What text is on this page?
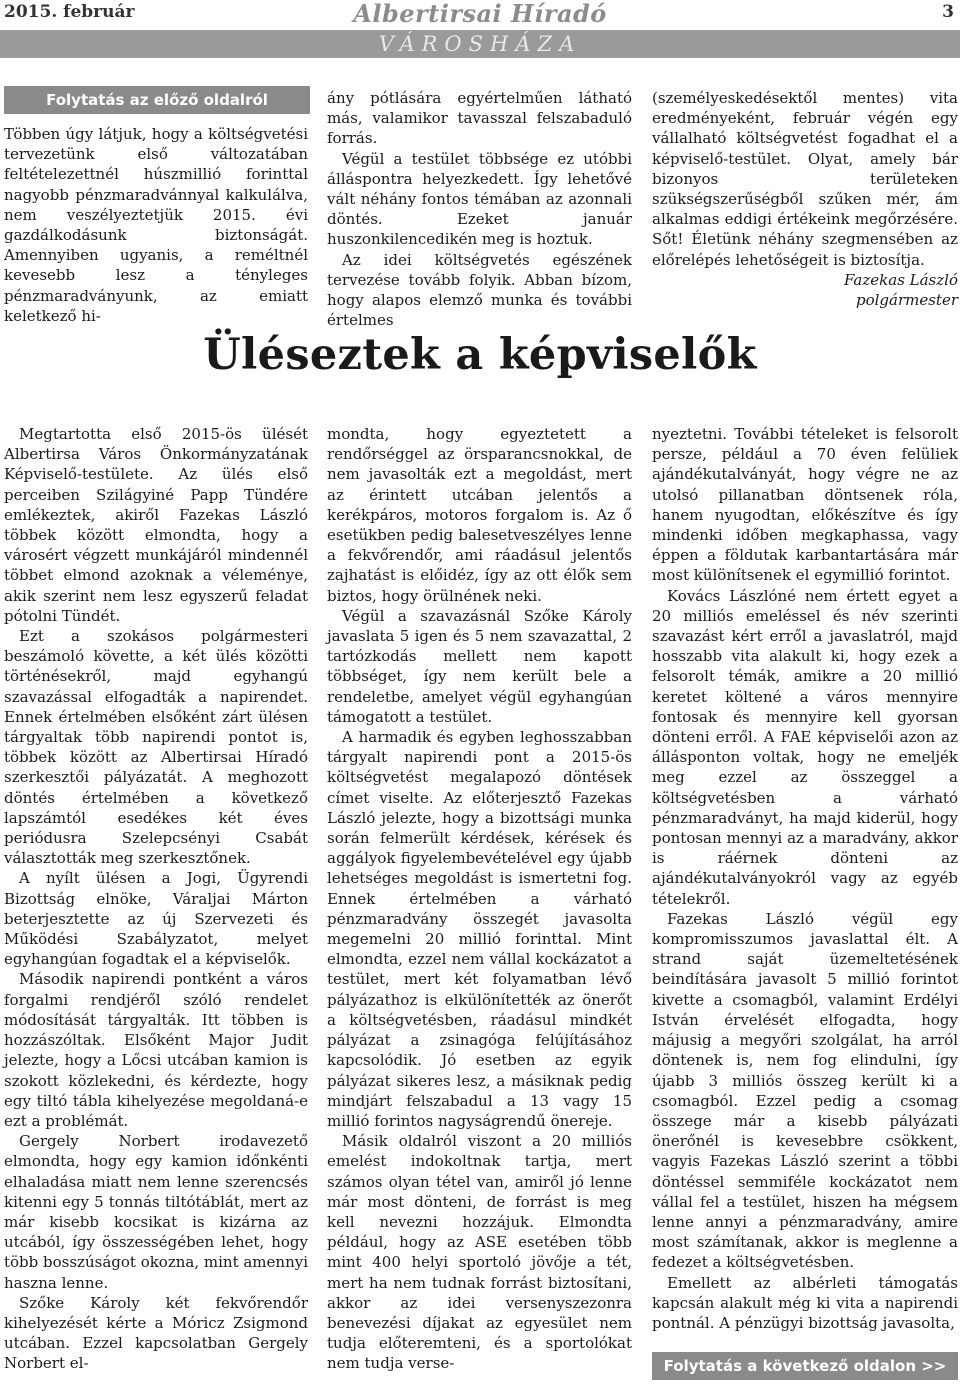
2015. február	Albertirsai Híradó	3
VÁROSHÁZA
Folytatás az előző oldalról

Többen úgy látjuk, hogy a költségvetési tervezetünk első változatában feltételezettnél húszmillió forinttal nagyobb pénzmaradvánnyal kalkulálva, nem veszélyeztetjük 2015. évi gazdálkodásunk biztonságát. Amennyiben ugyanis, a reméltnél kevesebb lesz a tényleges pénzmaradványunk, az emiatt keletkező hi-

ány pótlására egyértelműen látható más, valamikor tavasszal felszabaduló forrás.

Végül a testület többsége ez utóbbi álláspontra helyezkedett. Így lehetővé vált néhány fontos témában az azonnali döntés. Ezeket január huszonkilencedikén meg is hoztuk.

Az idei költségvetés egészének tervezése tovább folyik. Abban bízom, hogy alapos elemző munka és további értelmes

(személyeskedésektől mentes) vita eredményeként, február végén egy vállalható költségvetést fogadhat el a képviselő-testület. Olyat, amely bár bizonyos területeken szükségszerűségből szűken mér, ám alkalmas eddigi értékeink megőrzésére. Sőt! Életünk néhány szegmensében az előrelépés lehetőségeit is biztosítja.

Fazekas László

polgármester

Üléseztek a képviselők

Megtartotta első 2015-ös ülését Albertirsa Város Önkormányzatának Képviselő-testülete. Az ülés első perceiben Szilágyiné Papp Tündére emlékeztek, akiről Fazekas László többek között elmondta, hogy a városért végzett munkájáról mindennél többet elmond azoknak a véleménye, akik szerint nem lesz egyszerű feladat pótolni Tündét.

Ezt a szokásos polgármesteri beszámoló követte, a két ülés közötti történésekről, majd egyhangú szavazással elfogadták a napirendet. Ennek értelmében elsőként zárt ülésen tárgyaltak több napirendi pontot is, többek között az Albertirsai Híradó szerkesztői pályázatát. A meghozott döntés értelmében a következő lapszámtól esedékes két éves periódusra Szelepcsényi Csabát választották meg szerkesztőnek.

A nyílt ülésen a Jogi, Ügyrendi Bizottság elnöke, Váraljai Márton beterjesztette az új Szervezeti és Működési Szabályzatot, melyet egyhangúan fogadtak el a képviselők.

Második napirendi pontként a város forgalmi rendjéről szóló rendelet módosítását tárgyalták. Itt többen is hozzászóltak. Elsőként Major Judit jelezte, hogy a Lőcsi utcában kamion is szokott közlekedni, és kérdezte, hogy egy tiltó tábla kihelyezése megoldaná-e ezt a problémát.

Gergely Norbert irodavezető elmondta, hogy egy kamion időnkénti elhaladása miatt nem lenne szerencsés kitenni egy 5 tonnás tiltótáblát, mert az már kisebb kocsikat is kizárna az utcából, így összességében lehet, hogy több bosszúságot okozna, mint amennyi haszna lenne.

Szőke Károly két fekvőrendőr kihelyezését kérte a Móricz Zsigmond utcában. Ezzel kapcsolatban Gergely Norbert el-

mondta, hogy egyeztetett a rendőrséggel az örsparancsnokkal, de nem javasolták ezt a megoldást, mert az érintett utcában jelentős a kerékpáros, motoros forgalom is. Az ő esetükben pedig balesetveszélyes lenne a fekvőrendőr, ami ráadásul jelentős zajhatást is előidéz, így az ott élők sem biztos, hogy örülnének neki.

Végül a szavazásnál Szőke Károly javaslata 5 igen és 5 nem szavazattal, 2 tartózkodás mellett nem kapott többséget, így nem került bele a rendeletbe, amelyet végül egyhangúan támogatott a testület.

A harmadik és egyben leghosszabban tárgyalt napirendi pont a 2015-ös költségvetést megalapozó döntések címet viselte. Az előterjesztő Fazekas László jelezte, hogy a bizottsági munka során felmerült kérdések, kérések és aggályok figyelembevételével egy újabb lehetséges megoldást is ismertetni fog. Ennek értelmében a várható pénzmaradvány összegét javasolta megemelni 20 millió forinttal. Mint elmondta, ezzel nem vállal kockázatot a testület, mert két folyamatban lévő pályázathoz is elkülönítették az önerőt a költségvetésben, ráadásul mindkét pályázat a zsinagóga felújításához kapcsolódik. Jó esetben az egyik pályázat sikeres lesz, a másiknak pedig mindjárt felszabadul a 13 vagy 15 millió forintos nagyságrendű önereje.

Másik oldalról viszont a 20 milliós emelést indokoltnak tartja, mert számos olyan tétel van, amiről jó lenne már most dönteni, de forrást is meg kell nevezni hozzájuk. Elmondta például, hogy az ASE esetében több mint 400 helyi sportoló jövője a tét, mert ha nem tudnak forrást biztosítani, akkor az idei versenyszezonra benevezési díjakat az egyesület nem tudja előteremteni, és a sportolókat nem tudja verse-

nyeztetni. További tételeket is felsorolt persze, például a 70 éven felüliek ajándékutalványát, hogy végre ne az utolsó pillanatban döntsenek róla, hanem nyugodtan, előkészítve és így mindenki időben megkaphassa, vagy éppen a földutak karbantartására már most különítsenek el egymillió forintot.

Kovács Lászlóné nem értett egyet a 20 milliós emeléssel és név szerinti szavazást kért erről a javaslatról, majd hosszabb vita alakult ki, hogy ezek a felsorolt témák, amikre a 20 millió keretet költené a város mennyire fontosak és mennyire kell gyorsan dönteni erről. A FAE képviselői azon az állásponton voltak, hogy ne emeljék meg ezzel az összeggel a költségvetésben a várható pénzmaradványt, ha majd kiderül, hogy pontosan mennyi az a maradvány, akkor is ráérnek dönteni az ajándékutalványokról vagy az egyéb tételekről.

Fazekas László végül egy kompromisszumos javaslattal élt. A strand saját üzemeltetésének beindítására javasolt 5 millió forintot kivette a csomagból, valamint Erdélyi István érvelését elfogadta, hogy májusig a megyőri szolgálat, ha arról döntenek is, nem fog elindulni, így újabb 3 milliós összeg került ki a csomagból. Ezzel pedig a csomag összege már a kisebb pályázati önerőnél is kevesebbre csökkent, vagyis Fazekas László szerint a többi döntéssel semmiféle kockázatot nem vállal fel a testület, hiszen ha mégsem lenne annyi a pénzmaradvány, amire most számítanak, akkor is meglenne a fedezet a költségvetésben.

Emellett az albérleti támogatás kapcsán alakult még ki vita a napirendi pontnál. A pénzügyi bizottság javasolta,

Folytatás a következő oldalon >>
